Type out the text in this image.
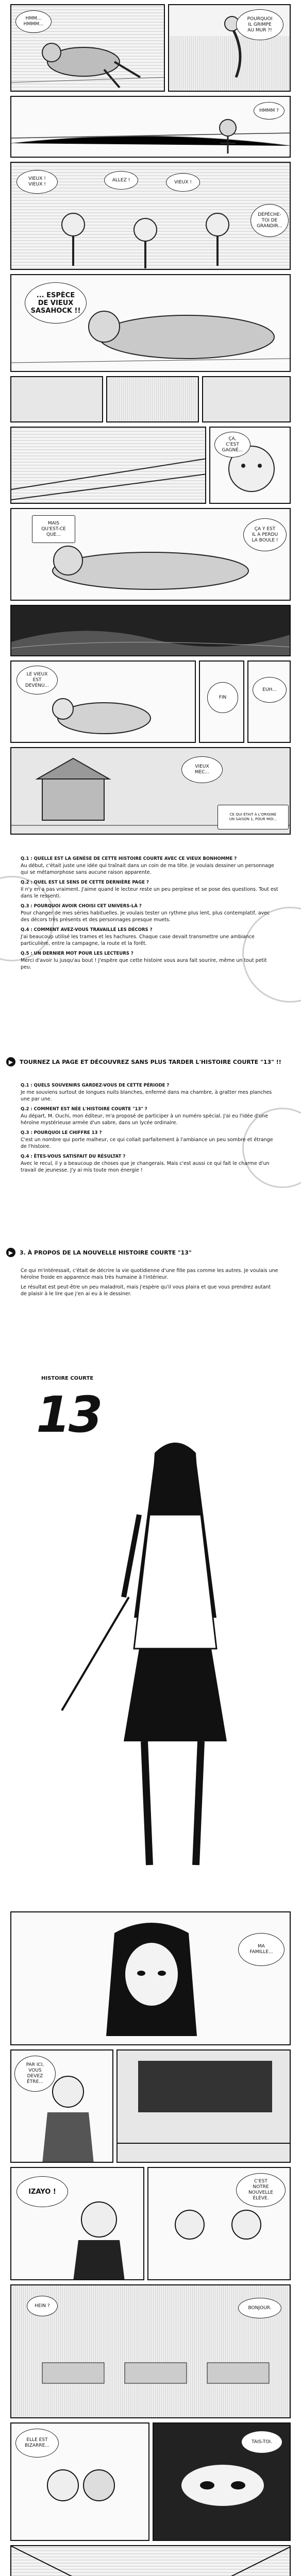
HMM...
HMMM...
POURQUOI
IL GRIMPE
AU MUR ?!
HMMM ?
VIEUX !
VIEUX !
ALLEZ !	VIEUX !
DÉPÊCHE-
TOI DE
GRANDIR...
... ESPÈCE
DE VIEUX
SASAHOCK !!
ÇA,
C'EST
GAGNÉ...
MAIS
QU'EST-CE
QUE...
ÇA Y EST
IL A PERDU
LA BOULE !
LE VIEUX
EST
DEVENU...
FIN
EUH...
VIEUX
MEC...
CE QUI ÉTAIT À L'ORIGINE
UN SAISON 1, POUR MOI...

Q.1 : QUELLE EST LA GENÈSE DE CETTE HISTOIRE COURTE AVEC CE VIEUX BONHOMME ?
Au début, c'était juste une idée qui traînait dans un coin de ma tête. Je voulais dessiner un personnage qui se métamorphose sans aucune raison apparente.

Q.2 : QUEL EST LE SENS DE CETTE DERNIÈRE PAGE ?
Il n'y en a pas vraiment. J'aime quand le lecteur reste un peu perplexe et se pose des questions. Tout est dans le ressenti.

Q.3 : POURQUOI AVOIR CHOISI CET UNIVERS-LÀ ?
Pour changer de mes séries habituelles. Je voulais tester un rythme plus lent, plus contemplatif, avec des décors très présents et des personnages presque muets.

Q.4 : COMMENT AVEZ-VOUS TRAVAILLÉ LES DÉCORS ?
J'ai beaucoup utilisé les trames et les hachures. Chaque case devait transmettre une ambiance particulière, entre la campagne, la route et la forêt.

Q.5 : UN DERNIER MOT POUR LES LECTEURS ?
Merci d'avoir lu jusqu'au bout ! J'espère que cette histoire vous aura fait sourire, même un tout petit peu.

▶	TOURNEZ LA PAGE ET DÉCOUVREZ SANS PLUS TARDER L'HISTOIRE COURTE "13" !!

Q.1 : QUELS SOUVENIRS GARDEZ-VOUS DE CETTE PÉRIODE ?
Je me souviens surtout de longues nuits blanches, enfermé dans ma chambre, à gratter mes planches une par une.

Q.2 : COMMENT EST NÉE L'HISTOIRE COURTE "13" ?
Au départ, M. Ouchi, mon éditeur, m'a proposé de participer à un numéro spécial. J'ai eu l'idée d'une héroïne mystérieuse armée d'un sabre, dans un lycée ordinaire.

Q.3 : POURQUOI LE CHIFFRE 13 ?
C'est un nombre qui porte malheur, ce qui collait parfaitement à l'ambiance un peu sombre et étrange de l'histoire.

Q.4 : ÊTES-VOUS SATISFAIT DU RÉSULTAT ?
Avec le recul, il y a beaucoup de choses que je changerais. Mais c'est aussi ce qui fait le charme d'un travail de jeunesse. J'y ai mis toute mon énergie !

▶	3. À PROPOS DE LA NOUVELLE HISTOIRE COURTE "13"

Ce qui m'intéressait, c'était de décrire la vie quotidienne d'une fille pas comme les autres. Je voulais une héroïne froide en apparence mais très humaine à l'intérieur.

Le résultat est peut-être un peu maladroit, mais j'espère qu'il vous plaira et que vous prendrez autant de plaisir à le lire que j'en ai eu à le dessiner.

HISTOIRE COURTE
13
MA
FAMILLE...
PAR ICI,
VOUS
DEVEZ
ÊTRE...
IZAYO !
C'EST
NOTRE
NOUVELLE
ÉLÈVE.
HEIN ?	BONJOUR.
ELLE EST
BIZARRE...
TAIS-TOI.
